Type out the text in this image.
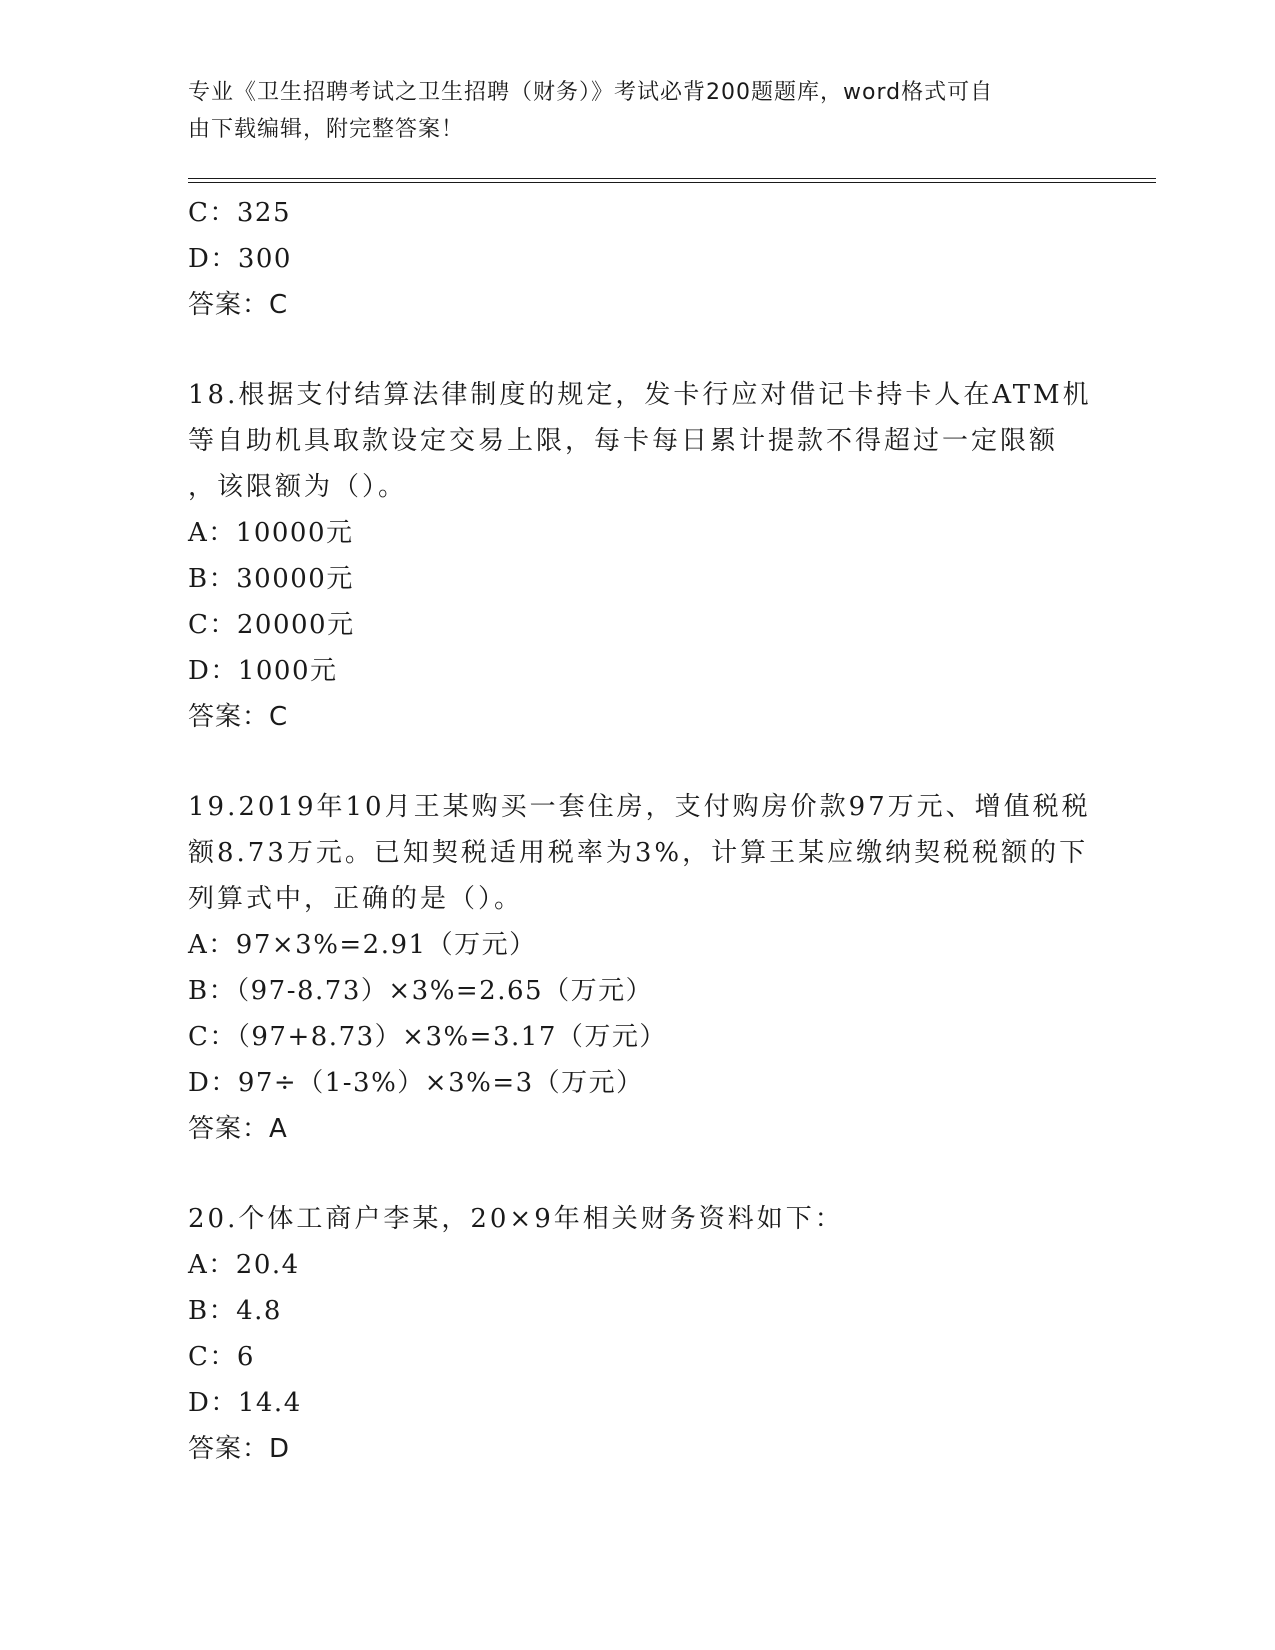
专业《卫生招聘考试之卫生招聘（财务）》考试必背200题题库，word格式可自
由下载编辑，附完整答案！
C：325
D：300
答案：C
18.根据支付结算法律制度的规定，发卡行应对借记卡持卡人在ATM机
等自助机具取款设定交易上限，每卡每日累计提款不得超过一定限额
，该限额为（）。
A：10000元
B：30000元
C：20000元
D：1000元
答案：C
19.2019年10月王某购买一套住房，支付购房价款97万元、增值税税
额8.73万元。已知契税适用税率为3%，计算王某应缴纳契税税额的下
列算式中，正确的是（）。
A：97×3%=2.91（万元）
B：（97-8.73）×3%=2.65（万元）
C：（97+8.73）×3%=3.17（万元）
D：97÷（1-3%）×3%=3（万元）
答案：A
20.个体工商户李某，20×9年相关财务资料如下：
A：20.4
B：4.8
C：6
D：14.4
答案：D
